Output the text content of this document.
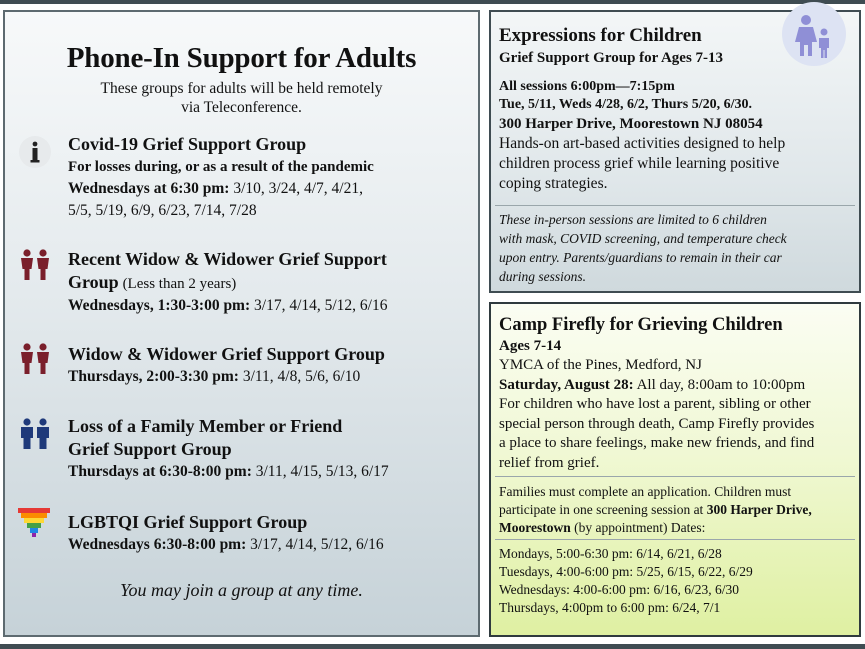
Phone-In Support for Adults
These groups for adults will be held remotely
via Teleconference.
Covid-19 Grief Support Group
For losses during, or as a result of the pandemic
Wednesdays at 6:30 pm: 3/10, 3/24, 4/7, 4/21,
5/5, 5/19, 6/9, 6/23, 7/14, 7/28
Recent Widow & Widower Grief Support
Group (Less than 2 years)
Wednesdays, 1:30-3:00 pm: 3/17, 4/14, 5/12, 6/16
Widow & Widower Grief Support Group
Thursdays, 2:00-3:30 pm: 3/11, 4/8, 5/6, 6/10
Loss of a Family Member or Friend
Grief Support Group
Thursdays at 6:30-8:00 pm: 3/11, 4/15, 5/13, 6/17
LGBTQI Grief Support Group
Wednesdays 6:30-8:00 pm: 3/17, 4/14, 5/12, 6/16
You may join a group at any time.
Expressions for Children
Grief Support Group for Ages 7-13
All sessions 6:00pm—7:15pm
Tue, 5/11, Weds 4/28, 6/2, Thurs 5/20, 6/30.
300 Harper Drive, Moorestown NJ 08054
Hands-on art-based activities designed to help
children process grief while learning positive
coping strategies.
These in-person sessions are limited to 6 children
with mask, COVID screening, and temperature check
upon entry. Parents/guardians to remain in their car
during sessions.
Camp Firefly for Grieving Children
Ages 7-14
YMCA of the Pines, Medford, NJ
Saturday, August 28: All day, 8:00am to 10:00pm
For children who have lost a parent, sibling or other
special person through death, Camp Firefly provides
a place to share feelings, make new friends, and find
relief from grief.
Families must complete an application. Children must
participate in one screening session at 300 Harper Drive,
Moorestown (by appointment) Dates:
Mondays, 5:00-6:30 pm: 6/14, 6/21, 6/28
Tuesdays, 4:00-6:00 pm: 5/25, 6/15, 6/22, 6/29
Wednesdays: 4:00-6:00 pm: 6/16, 6/23, 6/30
Thursdays, 4:00pm to 6:00 pm: 6/24, 7/1
